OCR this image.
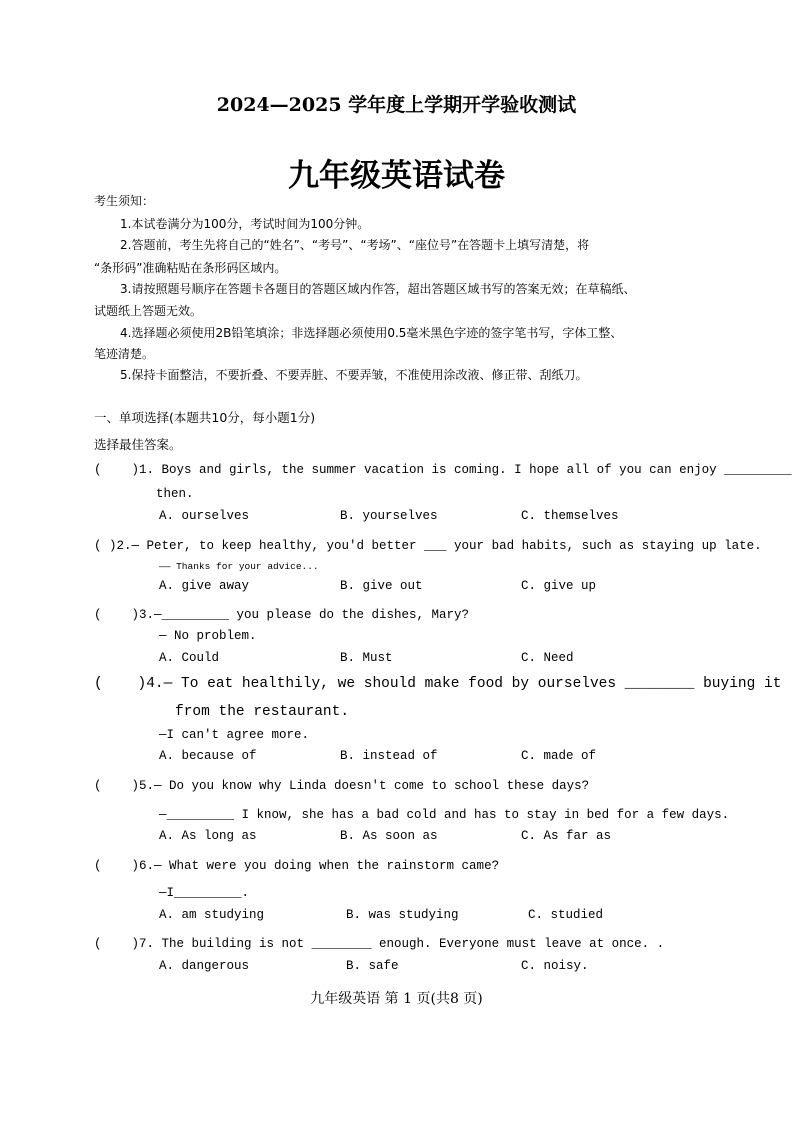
2024—2025 学年度上学期开学验收测试
九年级英语试卷
考生须知：
1.本试卷满分为100分，考试时间为100分钟。
2.答题前，考生先将自己的“姓名”、“考号”、“考场”、“座位号”在答题卡上填写清楚，将
“条形码”准确粘贴在条形码区域内。
3.请按照题号顺序在答题卡各题目的答题区域内作答，超出答题区域书写的答案无效；在草稿纸、
试题纸上答题无效。
4.选择题必须使用2B铅笔填涂；非选择题必须使用0.5毫米黑色字迹的签字笔书写，字体工整、
笔迹清楚。
5.保持卡面整洁，不要折叠、不要弄脏、不要弄皱，不准使用涂改液、修正带、刮纸刀。
一、单项选择(本题共10分，每小题1分)
选择最佳答案。
(    )1. Boys and girls, the summer vacation is coming. I hope all of you can enjoy _________
then.
A. ourselves	B. yourselves	C. themselves
( )2.— Peter, to keep healthy, you'd better ___ your bad habits, such as staying up late.
—— Thanks for your advice...
A. give away	B. give out	C. give up
(    )3.—_________ you please do the dishes, Mary?
— No problem.
A. Could	B. Must	C. Need
(    )4.— To eat healthily, we should make food by ourselves ________ buying it
from the restaurant.
—I can't agree more.
A. because of	B. instead of	C. made of
(    )5.— Do you know why Linda doesn't come to school these days?
—_________ I know, she has a bad cold and has to stay in bed for a few days.
A. As long as	B. As soon as	C. As far as
(    )6.— What were you doing when the rainstorm came?
—I_________.
A. am studying	B. was studying	C. studied
(    )7. The building is not ________ enough. Everyone must leave at once. .
A. dangerous	B. safe	C. noisy.
九年级英语 第 1 页(共8 页)
